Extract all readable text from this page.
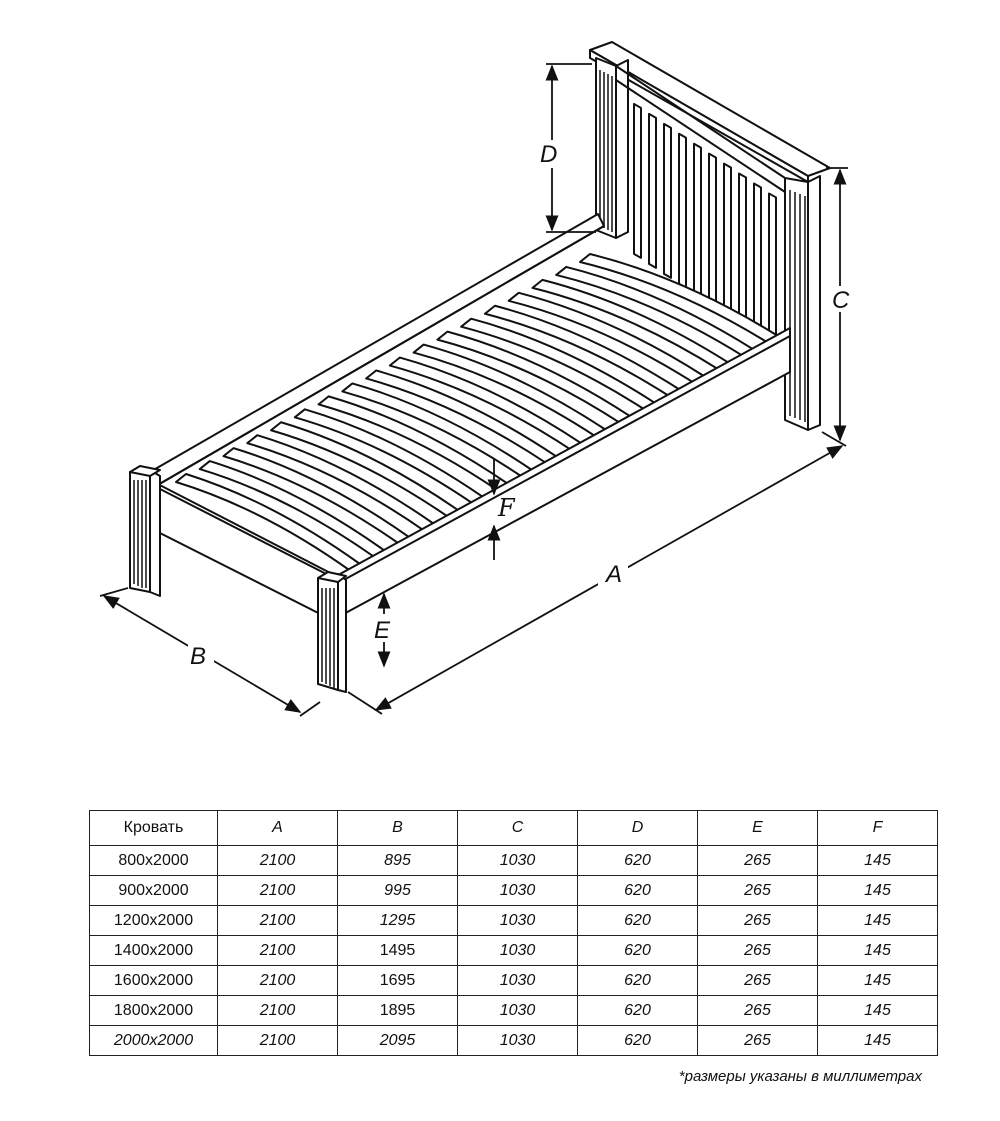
A
B
C
D
E
F
Кровать	A	B	C	D	E	F
800x2000	2100	895	1030	620	265	145
900x2000	2100	995	1030	620	265	145
1200x2000	2100	1295	1030	620	265	145
1400x2000	2100	1495	1030	620	265	145
1600x2000	2100	1695	1030	620	265	145
1800x2000	2100	1895	1030	620	265	145
2000x2000	2100	2095	1030	620	265	145
*размеры указаны в миллиметрах
